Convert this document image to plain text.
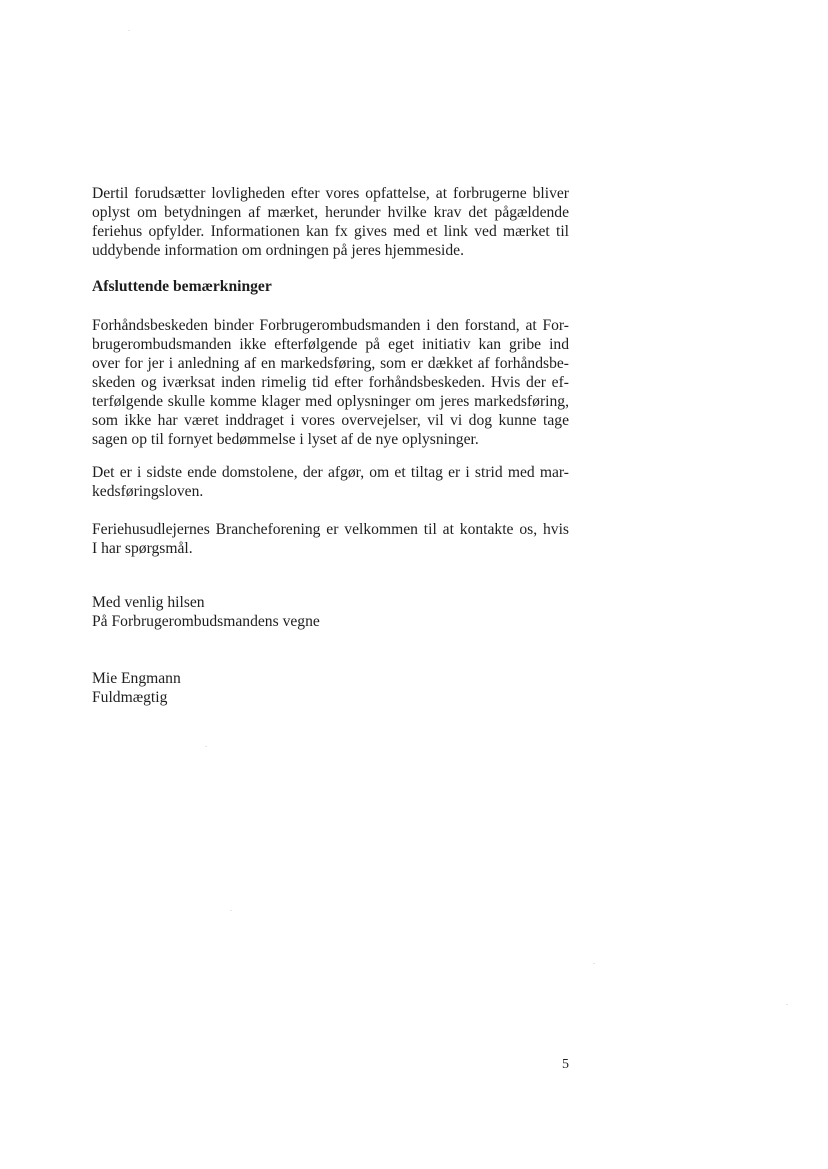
Dertil forudsætter lovligheden efter vores opfattelse, at forbrugerne bliver
oplyst om betydningen af mærket, herunder hvilke krav det pågældende
feriehus opfylder. Informationen kan fx gives med et link ved mærket til
uddybende information om ordningen på jeres hjemmeside.

Afsluttende bemærkninger

Forhåndsbeskeden binder Forbrugerombudsmanden i den forstand, at For-
brugerombudsmanden ikke efterfølgende på eget initiativ kan gribe ind
over for jer i anledning af en markedsføring, som er dækket af forhåndsbe-
skeden og iværksat inden rimelig tid efter forhåndsbeskeden. Hvis der ef-
terfølgende skulle komme klager med oplysninger om jeres markedsføring,
som ikke har været inddraget i vores overvejelser, vil vi dog kunne tage
sagen op til fornyet bedømmelse i lyset af de nye oplysninger.
Det er i sidste ende domstolene, der afgør, om et tiltag er i strid med mar-
kedsføringsloven.
Feriehusudlejernes Brancheforening er velkommen til at kontakte os, hvis
I har spørgsmål.

Med venlig hilsen

På Forbrugerombudsmandens vegne

Mie Engmann

Fuldmægtig

5
